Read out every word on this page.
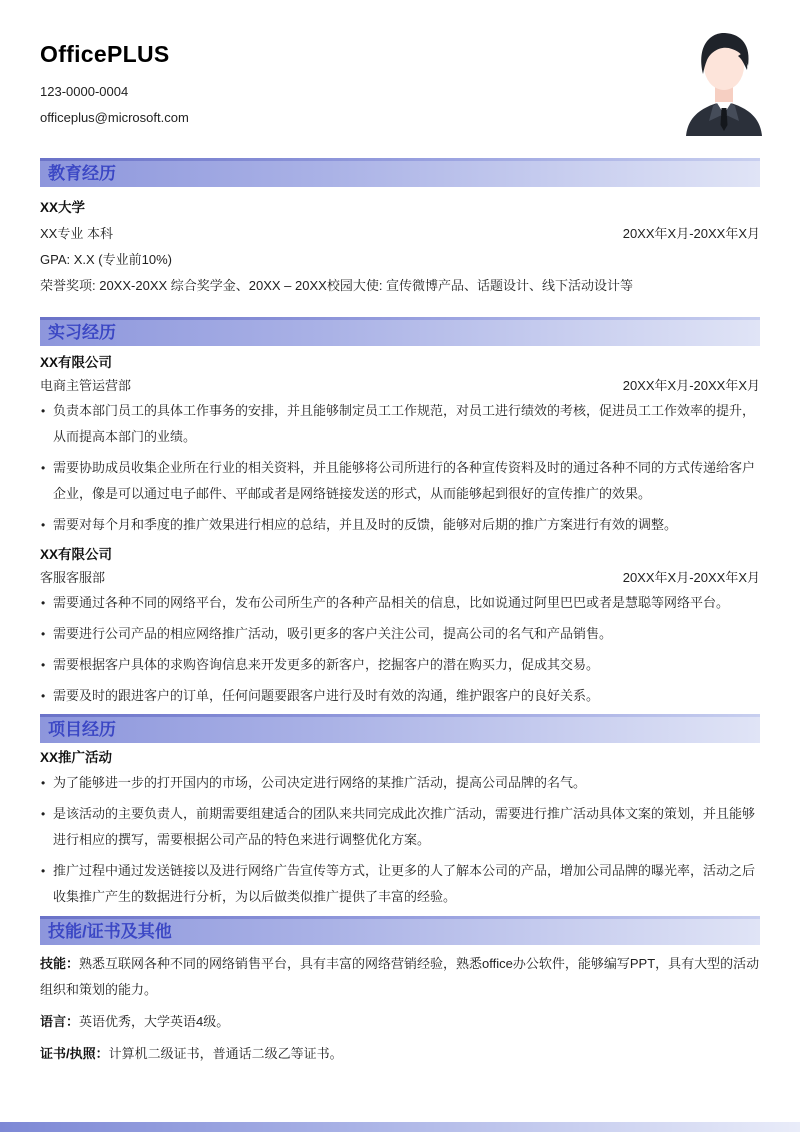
OfficePLUS
123-0000-0004
officeplus@microsoft.com
教育经历
XX大学
XX专业 本科	20XX年X月-20XX年X月
GPA: X.X (专业前10%)
荣誉奖项: 20XX-20XX 综合奖学金、20XX – 20XX校园大使: 宣传微博产品、话题设计、线下活动设计等
实习经历
XX有限公司
电商主管运营部	20XX年X月-20XX年X月
• 负责本部门员工的具体工作事务的安排，并且能够制定员工工作规范，对员工进行绩效的考核，促进员工工作效率的提升，从而提高本部门的业绩。
• 需要协助成员收集企业所在行业的相关资料，并且能够将公司所进行的各种宣传资料及时的通过各种不同的方式传递给客户企业，像是可以通过电子邮件、平邮或者是网络链接发送的形式，从而能够起到很好的宣传推广的效果。
• 需要对每个月和季度的推广效果进行相应的总结，并且及时的反馈，能够对后期的推广方案进行有效的调整。
XX有限公司
客服客服部	20XX年X月-20XX年X月
• 需要通过各种不同的网络平台，发布公司所生产的各种产品相关的信息，比如说通过阿里巴巴或者是慧聪等网络平台。
• 需要进行公司产品的相应网络推广活动，吸引更多的客户关注公司，提高公司的名气和产品销售。
• 需要根据客户具体的求购咨询信息来开发更多的新客户，挖掘客户的潜在购买力，促成其交易。
• 需要及时的跟进客户的订单，任何问题要跟客户进行及时有效的沟通，维护跟客户的良好关系。
项目经历
XX推广活动
• 为了能够进一步的打开国内的市场，公司决定进行网络的某推广活动，提高公司品牌的名气。
• 是该活动的主要负责人，前期需要组建适合的团队来共同完成此次推广活动，需要进行推广活动具体文案的策划，并且能够进行相应的撰写，需要根据公司产品的特色来进行调整优化方案。
• 推广过程中通过发送链接以及进行网络广告宣传等方式，让更多的人了解本公司的产品，增加公司品牌的曝光率，活动之后收集推广产生的数据进行分析，为以后做类似推广提供了丰富的经验。
技能/证书及其他

技能：熟悉互联网各种不同的网络销售平台，具有丰富的网络营销经验，熟悉office办公软件，能够编写PPT，具有大型的活动组织和策划的能力。

语言：英语优秀，大学英语4级。

证书/执照：计算机二级证书，普通话二级乙等证书。
